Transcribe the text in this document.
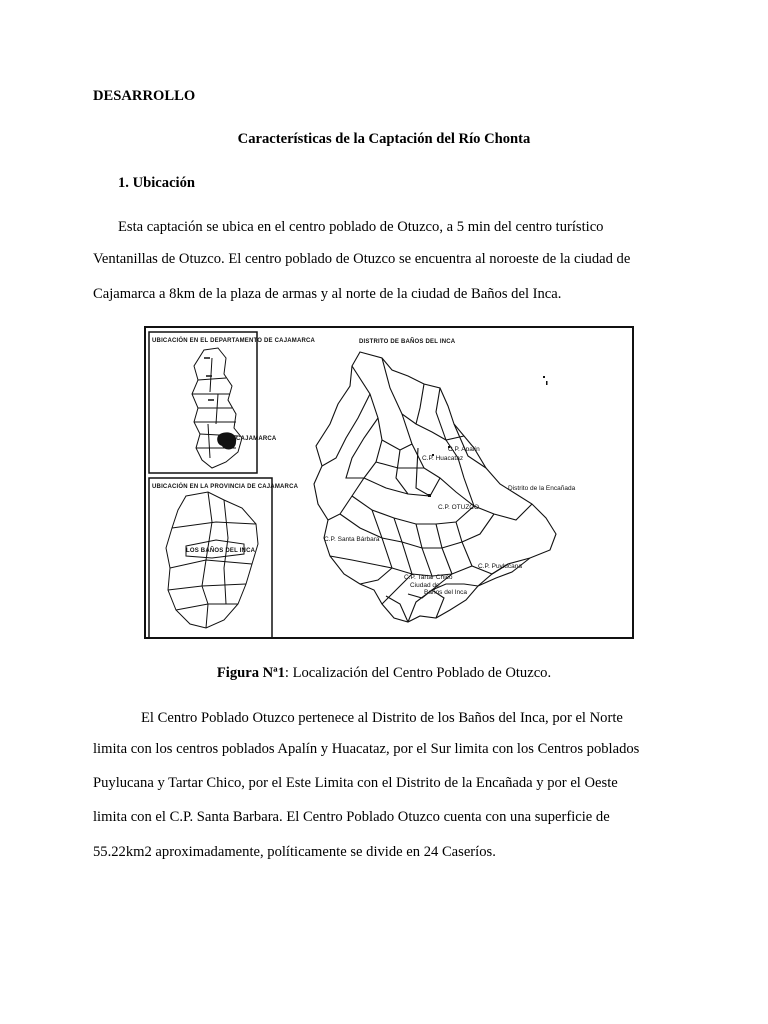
DESARROLLO
Características de la Captación del Río Chonta
1. Ubicación
Esta captación se ubica en el centro poblado de Otuzco, a 5 min del centro turístico
Ventanillas de Otuzco. El centro poblado de Otuzco se encuentra al noroeste de la ciudad de
Cajamarca a 8km de la plaza de armas y al norte de la ciudad de Baños del Inca.
UBICACIÓN EN EL DEPARTAMENTO DE CAJAMARCA
UBICACIÓN EN LA PROVINCIA DE CAJAMARCA
CAJAMARCA
LOS BAÑOS DEL INCA
DISTRITO DE BAÑOS DEL INCA
C.P. Apalín
C.P. Huacataz
Distrito de la Encañada
C.P. OTUZCO
C.P. Santa Bárbara
C.P. Puylucana
C.P. Tartar Chico
Ciudad de
Baños del Inca
Figura Nª1: Localización del Centro Poblado de Otuzco.
El Centro Poblado Otuzco pertenece al Distrito de los Baños del Inca, por el Norte
limita con los centros poblados Apalín y Huacataz, por el Sur limita con los Centros poblados
Puylucana y Tartar Chico, por el Este Limita con el Distrito de la Encañada y por el Oeste
limita con el C.P. Santa Barbara. El Centro Poblado Otuzco cuenta con una superficie de
55.22km2 aproximadamente, políticamente se divide en 24 Caseríos.
